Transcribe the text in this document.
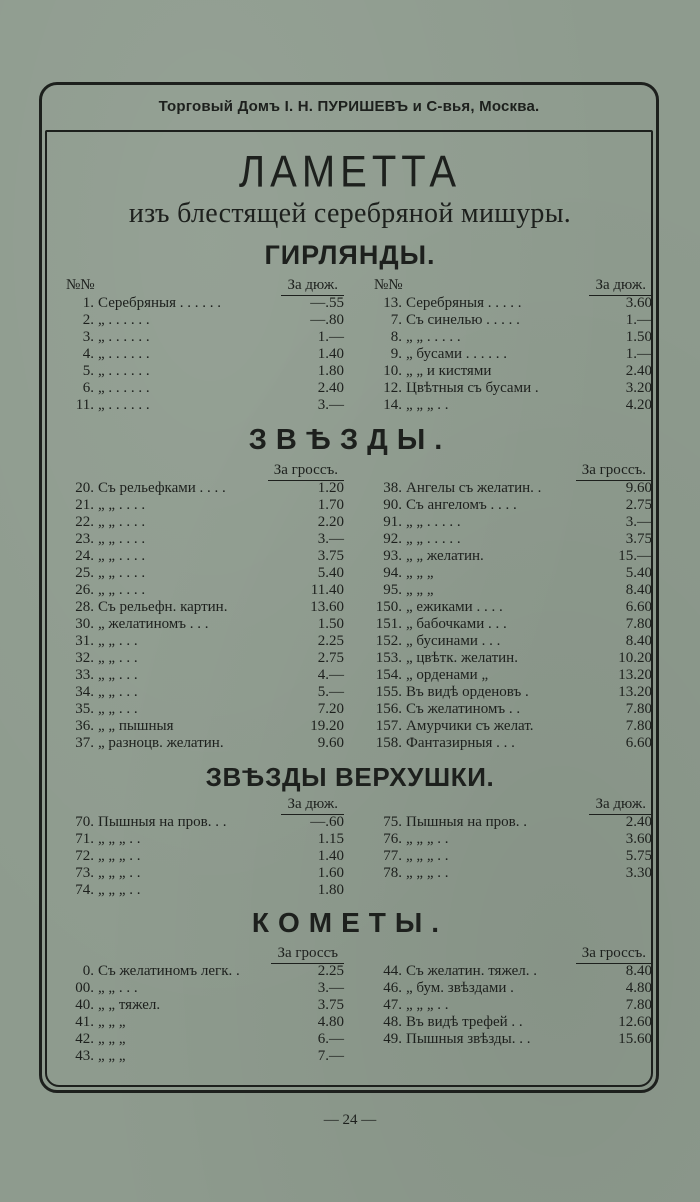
Торговый Домъ І. Н. ПУРИШЕВЪ и С-вья, Москва.
ЛАМЕТТА
изъ блестящей серебряной мишуры.
ГИРЛЯНДЫ.
№№	За дюж.
1. Серебряныя . . . . . .	—.55
2. „ . . . . . .	—.80
3. „ . . . . . .	1.—
4. „ . . . . . .	1.40
5. „ . . . . . .	1.80
6. „ . . . . . .	2.40
11. „ . . . . . .	3.—
№№	За дюж.
13. Серебряныя . . . . .	3.60
7. Съ синелью . . . . .	1.—
8. „ „ . . . . .	1.50
9. „ бусами . . . . . .	1.—
10. „ „ и кистями	2.40
12. Цвѣтныя съ бусами .	3.20
14. „ „ „ . .	4.20
ЗВѢЗДЫ.
За гроссъ.
20. Съ рельефками . . . .	1.20
21. „ „ . . . .	1.70
22. „ „ . . . .	2.20
23. „ „ . . . .	3.—
24. „ „ . . . .	3.75
25. „ „ . . . .	5.40
26. „ „ . . . .	11.40
28. Съ рельефн. картин.	13.60
30. „ желатиномъ . . .	1.50
31. „ „ . . .	2.25
32. „ „ . . .	2.75
33. „ „ . . .	4.—
34. „ „ . . .	5.—
35. „ „ . . .	7.20
36. „ „ пышныя	19.20
37. „ разноцв. желатин.	9.60
За гроссъ.
38. Ангелы съ желатин. .	9.60
90. Съ ангеломъ . . . .	2.75
91. „ „ . . . . .	3.—
92. „ „ . . . . .	3.75
93. „ „ желатин.	15.—
94. „ „ „	5.40
95. „ „ „	8.40
150. „ ежиками . . . .	6.60
151. „ бабочками . . .	7.80
152. „ бусинами . . .	8.40
153. „ цвѣтк. желатин.	10.20
154. „ орденами „	13.20
155. Въ видѣ орденовъ .	13.20
156. Съ желатиномъ . .	7.80
157. Амурчики съ желат.	7.80
158. Фантазирныя . . .	6.60
ЗВѢЗДЫ ВЕРХУШКИ.
За дюж.
70. Пышныя на пров. . .	—.60
71. „ „ „ . .	1.15
72. „ „ „ . .	1.40
73. „ „ „ . .	1.60
74. „ „ „ . .	1.80
За дюж.
75. Пышныя на пров. .	2.40
76. „ „ „ . .	3.60
77. „ „ „ . .	5.75
78. „ „ „ . .	3.30
КОМЕТЫ.
За гроссъ
0. Съ желатиномъ легк. .	2.25
00. „ „ . . .	3.—
40. „ „ тяжел.	3.75
41. „ „ „	4.80
42. „ „ „	6.—
43. „ „ „	7.—
За гроссъ.
44. Съ желатин. тяжел. .	8.40
46. „ бум. звѣздами .	4.80
47. „ „ „ . .	7.80
48. Въ видѣ трефей . .	12.60
49. Пышныя звѣзды. . .	15.60
— 24 —
